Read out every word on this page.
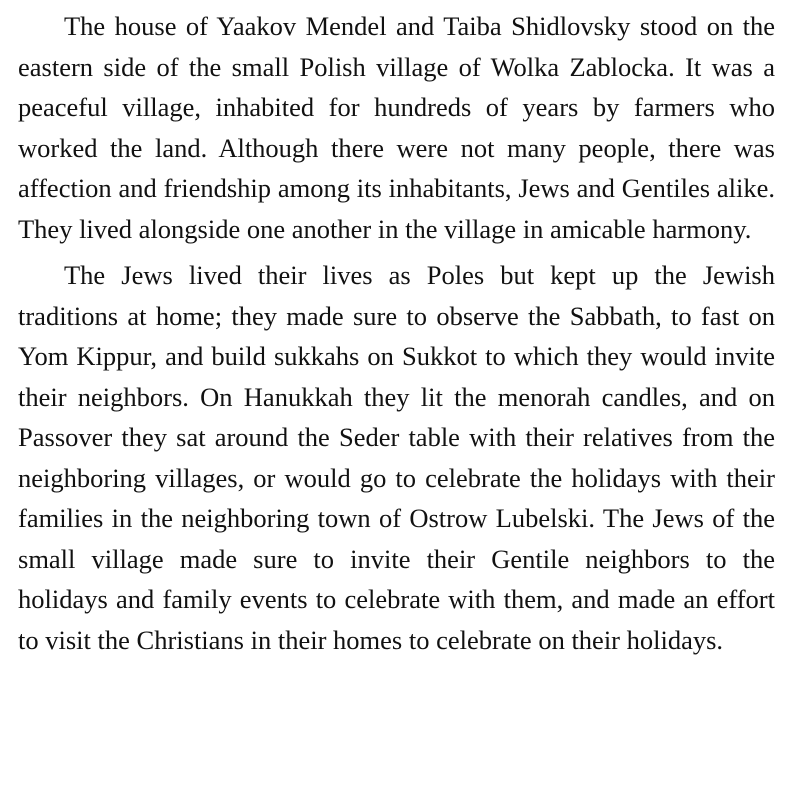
The house of Yaakov Mendel and Taiba Shidlovsky stood on the eastern side of the small Polish village of Wolka Zablocka. It was a peaceful village, inhabited for hundreds of years by farmers who worked the land. Although there were not many people, there was affection and friendship among its inhabitants, Jews and Gentiles alike. They lived alongside one another in the village in amicable harmony.

The Jews lived their lives as Poles but kept up the Jewish traditions at home; they made sure to observe the Sabbath, to fast on Yom Kippur, and build sukkahs on Sukkot to which they would invite their neighbors. On Hanukkah they lit the menorah candles, and on Passover they sat around the Seder table with their relatives from the neighboring villages, or would go to celebrate the holidays with their families in the neighboring town of Ostrow Lubelski. The Jews of the small village made sure to invite their Gentile neighbors to the holidays and family events to celebrate with them, and made an effort to visit the Christians in their homes to celebrate on their holidays.
